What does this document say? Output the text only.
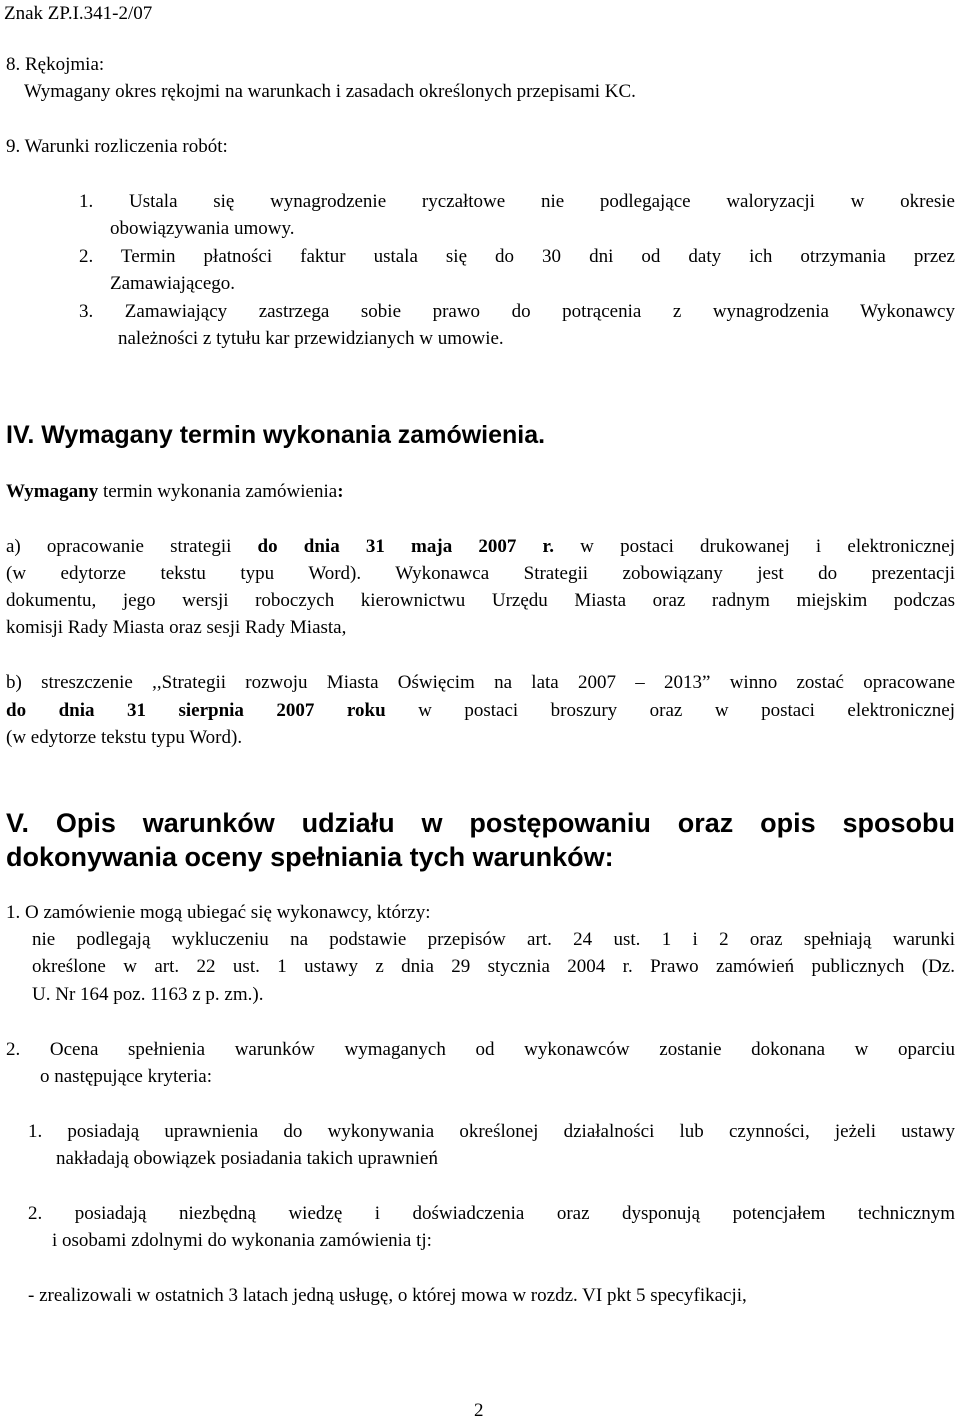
Znak ZP.I.341-2/07
8. Rękojmia:
Wymagany okres rękojmi na warunkach i zasadach określonych przepisami KC.
9. Warunki rozliczenia robót:
1. Ustala się wynagrodzenie ryczałtowe nie podlegające waloryzacji w okresie
obowiązywania umowy.
2. Termin płatności faktur ustala się do 30 dni od daty ich otrzymania przez
Zamawiającego.
3. Zamawiający zastrzega sobie prawo do potrącenia z wynagrodzenia Wykonawcy
należności z tytułu kar przewidzianych w umowie.
IV. Wymagany termin wykonania zamówienia.
Wymagany termin wykonania zamówienia:
a) opracowanie strategii do dnia 31 maja 2007 r. w postaci drukowanej i elektronicznej
(w edytorze tekstu typu Word). Wykonawca Strategii zobowiązany jest do prezentacji
dokumentu, jego wersji roboczych kierownictwu Urzędu Miasta oraz radnym miejskim podczas
komisji Rady Miasta oraz sesji Rady Miasta,
b) streszczenie ,,Strategii rozwoju Miasta Oświęcim na lata 2007 – 2013” winno zostać opracowane
do dnia 31 sierpnia 2007 roku w postaci broszury oraz w postaci elektronicznej
(w edytorze tekstu typu Word).
V. Opis warunków udziału w postępowaniu oraz opis sposobu
dokonywania oceny spełniania tych warunków:
1. O zamówienie mogą ubiegać się wykonawcy, którzy:
nie podlegają wykluczeniu na podstawie przepisów art. 24 ust. 1 i 2 oraz spełniają warunki
określone w art. 22 ust. 1 ustawy z dnia 29 stycznia 2004 r. Prawo zamówień publicznych (Dz.
U. Nr 164 poz. 1163 z p. zm.).
2. Ocena spełnienia warunków wymaganych od wykonawców zostanie dokonana w oparciu
o następujące kryteria:
1. posiadają uprawnienia do wykonywania określonej działalności lub czynności, jeżeli ustawy
nakładają obowiązek posiadania takich uprawnień
2. posiadają niezbędną wiedzę i doświadczenia oraz dysponują potencjałem technicznym
i osobami zdolnymi do wykonania zamówienia tj:
- zrealizowali w ostatnich 3 latach jedną usługę, o której mowa w rozdz. VI pkt 5 specyfikacji,
2
